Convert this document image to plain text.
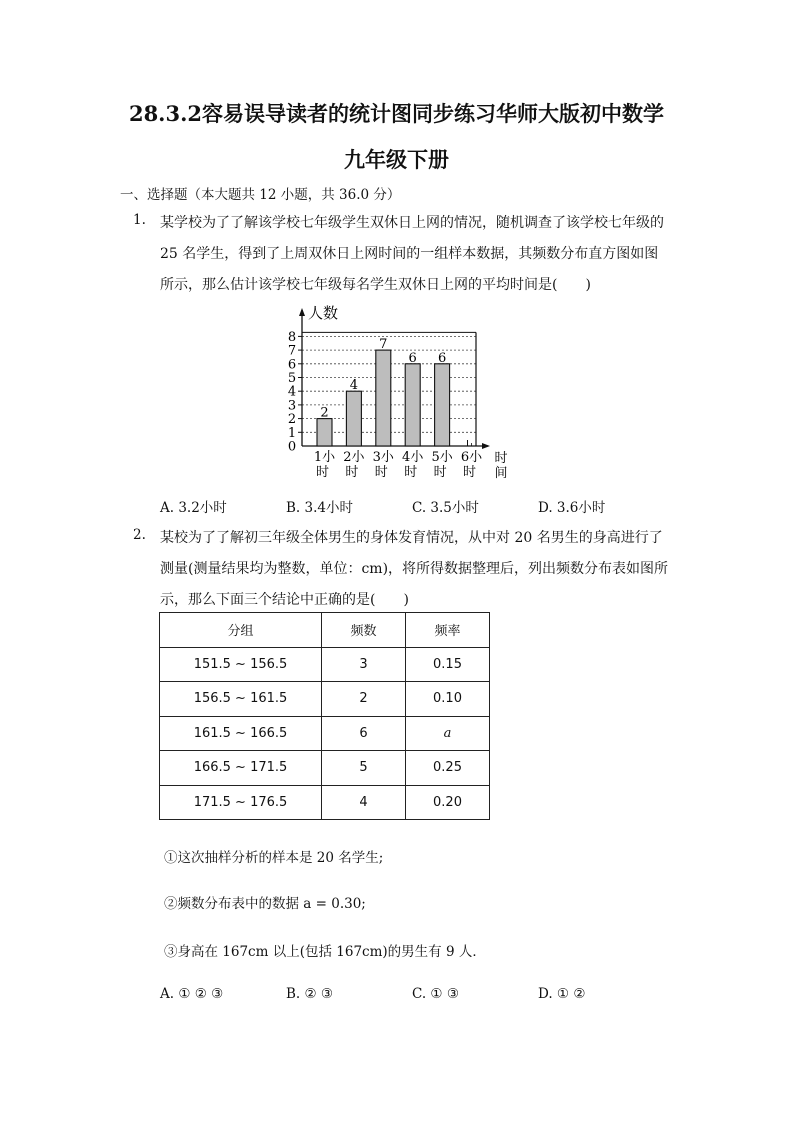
28.3.2容易误导读者的统计图同步练习华师大版初中数学
九年级下册
一、选择题（本大题共 12 小题，共 36.0 分）
1. 某学校为了了解该学校七年级学生双休日上网的情况，随机调查了该学校七年级的
25 名学生，得到了上周双休日上网时间的一组样本数据，其频数分布直方图如图
所示，那么估计该学校七年级每名学生双休日上网的平均时间是(　　)
0
1
2
3
4
5
6
7
8
人数
2
4
7
6 6
1小
时
2小
时
3小
时
4小
时
5小
时
6小
时
时
间
A. 3.2小时	B. 3.4小时	C. 3.5小时	D. 3.6小时
2. 某校为了了解初三年级全体男生的身体发育情况，从中对 20 名男生的身高进行了
测量(测量结果均为整数，单位：cm)，将所得数据整理后，列出频数分布表如图所
示，那么下面三个结论中正确的是(　　)
分组	频数	频率
151.5 ~ 156.5	3	0.15
156.5 ~ 161.5	2	0.10
161.5 ~ 166.5	6	a
166.5 ~ 171.5	5	0.25
171.5 ~ 176.5	4	0.20
①这次抽样分析的样本是 20 名学生;
②频数分布表中的数据 a = 0.30;
③身高在 167cm 以上(包括 167cm)的男生有 9 人．
A. ① ② ③	B. ② ③	C. ① ③	D. ① ②
